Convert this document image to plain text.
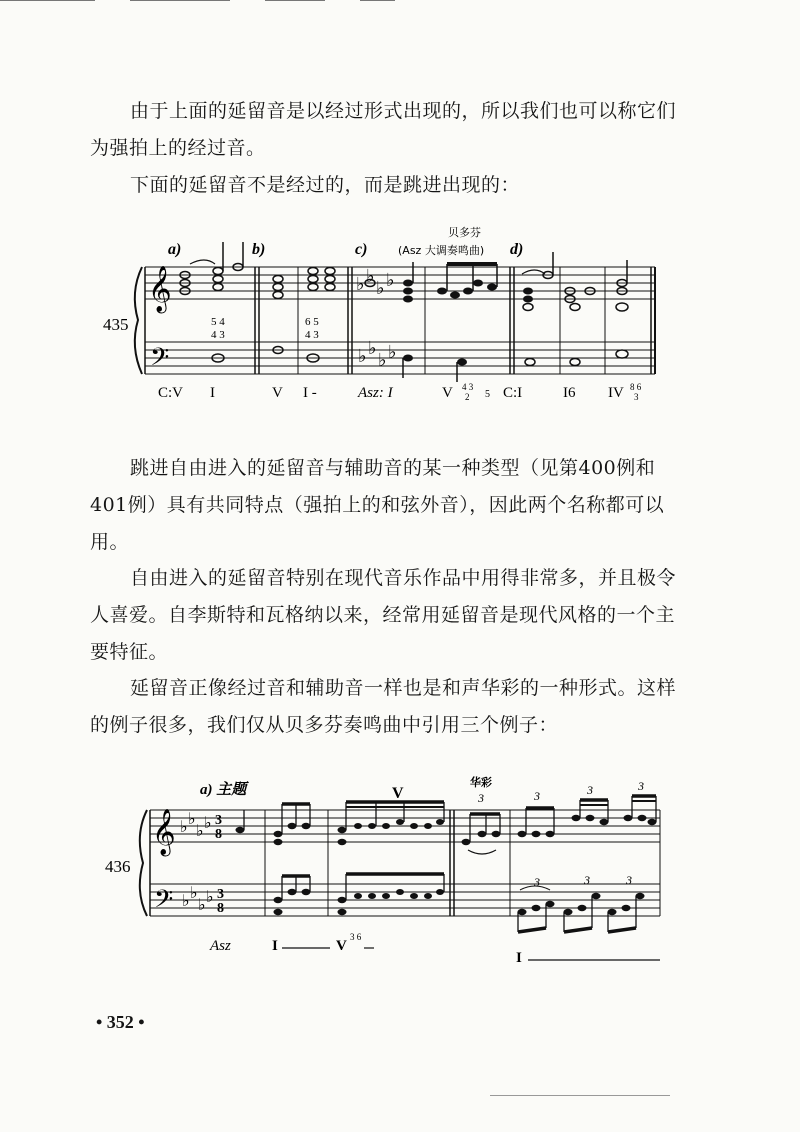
由于上面的延留音是以经过形式出现的，所以我们也可以称它们为强拍上的经过音。

下面的延留音不是经过的，而是跳进出现的：

𝄞
𝄢
♭ ♭
♭ ♭
♭ ♭
♭ ♭
a)	b)	c)	d)
贝多芬
(Asz 大调奏鸣曲)
435	5 4
4 3
6 5
4 3
C:V I	V I -	Asz: I	V 4 3
2 5 C:I	I6 IV 8 6
3

跳进自由进入的延留音与辅助音的某一种类型（见第400例和401例）具有共同特点（强拍上的和弦外音），因此两个名称都可以用。

自由进入的延留音特别在现代音乐作品中用得非常多，并且极令人喜爱。自李斯特和瓦格纳以来，经常用延留音是现代风格的一个主要特征。

延留音正像经过音和辅助音一样也是和声华彩的一种形式。这样的例子很多，我们仅从贝多芬奏鸣曲中引用三个例子：

𝄞
𝄢
♭ ♭
♭ ♭
♭ ♭
♭ ♭
3
8
3
8
a) 主题	V
华彩
3	3	3	3
3	3	3
436
Asz	I	V
3 6
I
• 352 •
